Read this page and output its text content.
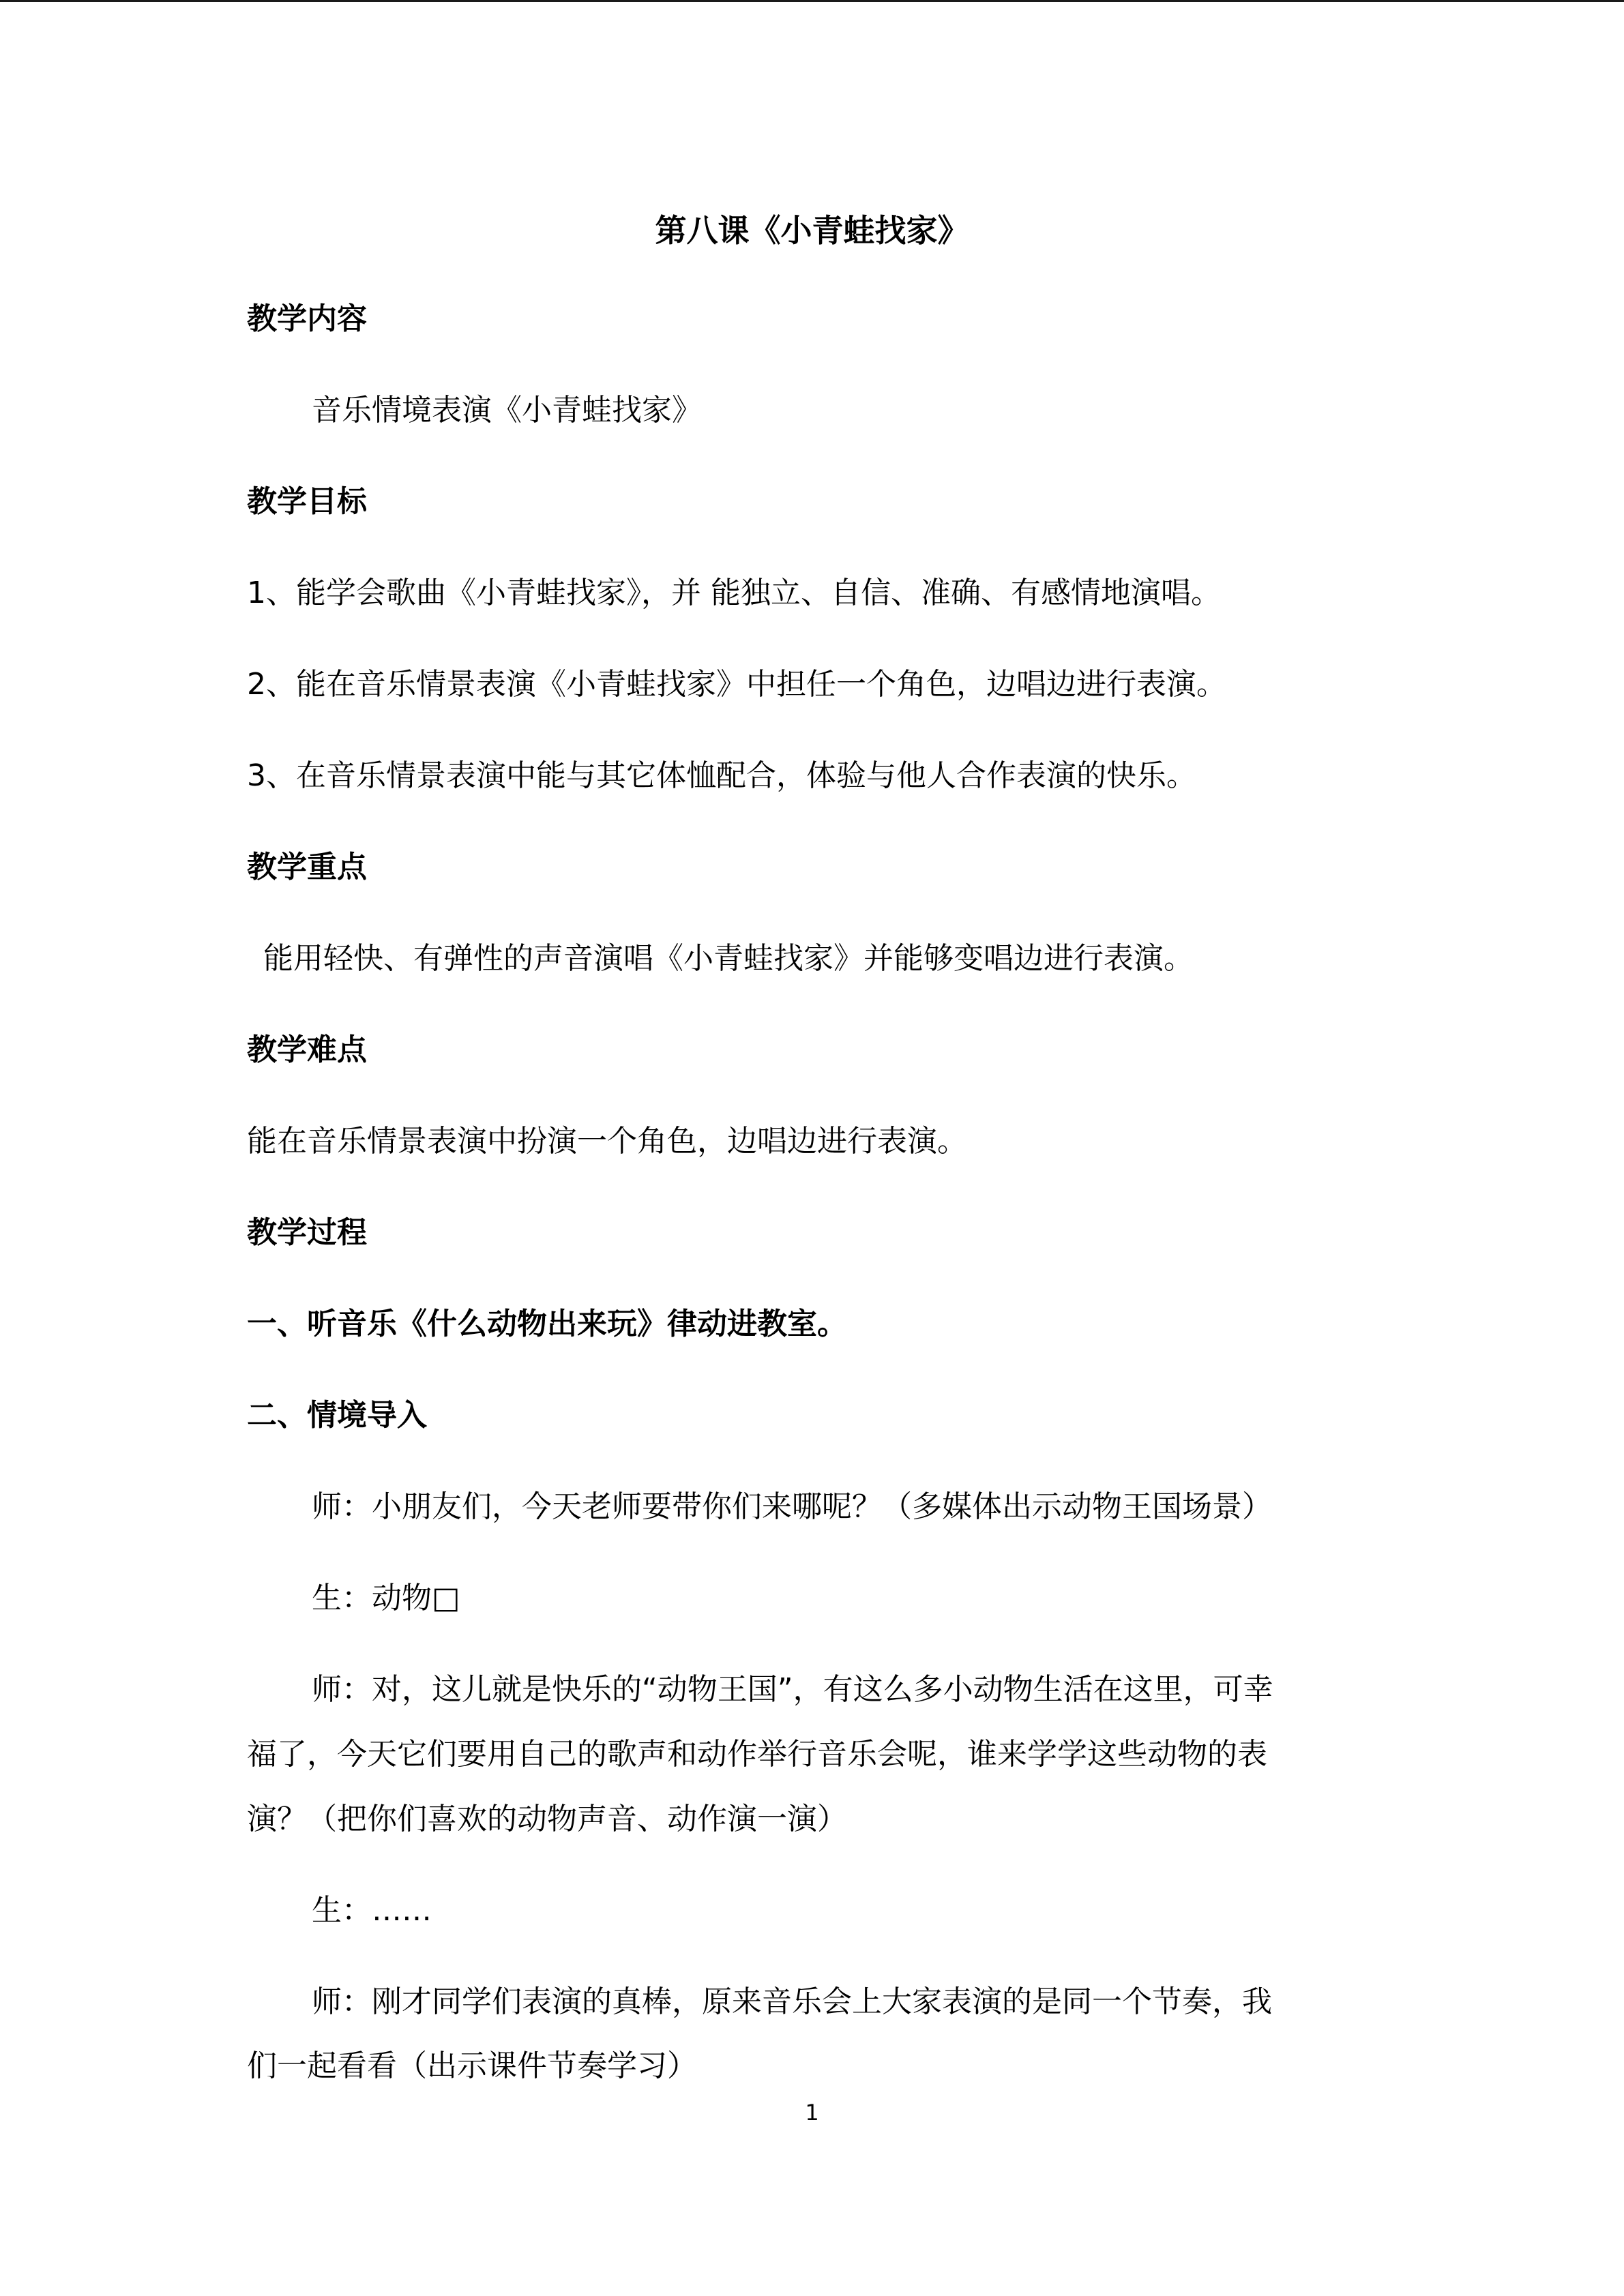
第八课《小青蛙找家》
教学内容
音乐情境表演《小青蛙找家》
教学目标
1、能学会歌曲《小青蛙找家》，并 能独立、自信、准确、有感情地演唱。
2、能在音乐情景表演《小青蛙找家》中担任一个角色，边唱边进行表演。
3、在音乐情景表演中能与其它体恤配合，体验与他人合作表演的快乐。
教学重点
能用轻快、有弹性的声音演唱《小青蛙找家》并能够变唱边进行表演。
教学难点
能在音乐情景表演中扮演一个角色，边唱边进行表演。
教学过程
一、听音乐《什么动物出来玩》律动进教室。
二、情境导入
师：小朋友们，今天老师要带你们来哪呢？（多媒体出示动物王国场景）
生：动物□
师：对，这儿就是快乐的“动物王国”，有这么多小动物生活在这里，可幸
福了，今天它们要用自己的歌声和动作举行音乐会呢，谁来学学这些动物的表
演？（把你们喜欢的动物声音、动作演一演）
生：……
师：刚才同学们表演的真棒，原来音乐会上大家表演的是同一个节奏，我
们一起看看（出示课件节奏学习）
1
